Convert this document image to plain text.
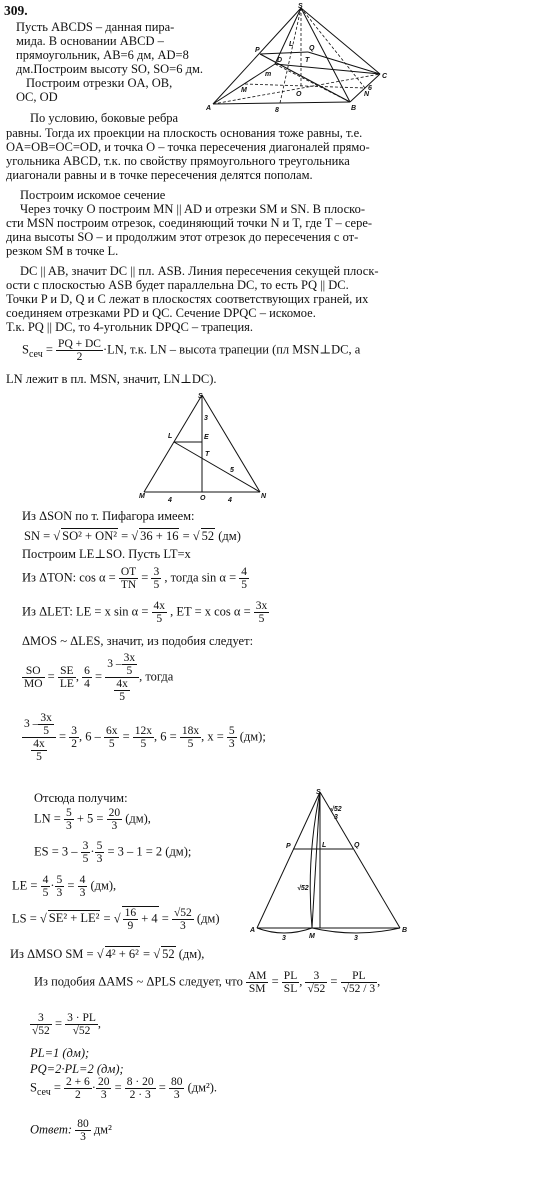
309.
Пусть ABCDS – данная пира-
мида. В основании ABCD –
прямоугольник, AB=6 дм, AD=8
дм.Построим высоту SO, SO=6 дм.
Построим отрезки OA, OB,
OC, OD
S
A	B
C
D
O
P	Q
L
T
M
N
m
8
6
По условию, боковые ребра
равны. Тогда их проекции на плоскость основания тоже равны, т.е.
OA=OB=OC=OD, и точка O – точка пересечения диагоналей прямо-
угольника ABCD, т.к. по свойству прямоугольного треугольника
диагонали равны и в точке пересечения делятся пополам.
Построим искомое сечение
Через точку O построим MN || AD и отрезки SM и SN. В плоско-
сти MSN построим отрезок, соединяющий точки N и T, где T – сере-
дина высоты SO – и продолжим этот отрезок до пересечения с от-
резком SM в точке L.
DC || AB, значит DC || пл. ASB. Линия пересечения секущей плоск-
ости с плоскостью ASB будет параллельна DC, то есть PQ || DC.
Точки P и D, Q и C лежат в плоскостях соответствующих граней, их
соединяем отрезками PD и QC. Сечение DPQC – искомое.
Т.к. PQ || DC, то 4-угольник DPQC – трапеция.
$S_{сеч} = \frac{PQ + DC}{2} \cdot LN$, т.к. LN – высота трапеции (пл MSN⊥DC, а
LN лежит в пл. MSN, значит, LN⊥DC).
S
L	E
T
M	O	N
3
4	4
5
Из ΔSON по т. Пифагора имеем:
SN = √ SO² + ON² = √ 36 + 16 = √ 52 (дм)
Построим LE⊥SO. Пусть LT=x
Из ΔTON: $\cos \alpha = \frac{OT}{TN} = \frac{3}{5}$ , тогда $\sin \alpha = \frac{4}{5}$
Из ΔLET: LE = x $\sin \alpha = \frac{4x}{5}$ , ET = x $\cos \alpha = \frac{3x}{5}$
ΔMOS ~ ΔLES, значит, из подобия следует:
$\frac{SO}{MO} = \frac{SE}{LE}$ , $\frac{6}{4} = \frac{3 - \frac{3x}{5}}{\frac{4x}{5}}$ , тогда
$\frac{3 - \frac{3x}{5}}{\frac{4x}{5}} = \frac{3}{2}$ , $6 - \frac{6x}{5} = \frac{12x}{5}$ , $6 = \frac{18x}{5}$ , $x = \frac{5}{3} (дм)$;
S
P	L	Q
A
M
B
√52
3
√52
3	3
Отсюда получим:
LN = $\frac{5}{3} + 5 = \frac{20}{3} (дм)$,
ES = $3 - \frac{3}{5} \cdot \frac{5}{3} = 3 - 1 = 2$ (дм);
LE = $\frac{4}{5} \cdot \frac{5}{3} = \frac{4}{3} (дм)$,
LS = √ SE² + LE² = √ $\frac{16}{9} + 4 = \frac{√52}{3} (дм)$
Из ΔMSO SM = √ 4² + 6² = √ 52 (дм),
Из подобия ΔAMS ~ ΔPLS следует, что $\frac{AM}{SM} = \frac{PL}{SL}$ , $\frac{3}{√52} = \frac{PL}{√52 / 3}$ ,
$\frac{3}{√52} = \frac{3 \cdot PL}{√52}$ ,
PL=1 (дм);
PQ=2·PL=2 (дм);
$S_{сеч} = \frac{2 + 6}{2} \cdot \frac{20}{3} = \frac{8 \cdot 20}{2 \cdot 3} = \frac{80}{3} (дм^2)$.
Ответ: $\frac{80}{3} дм^2$
